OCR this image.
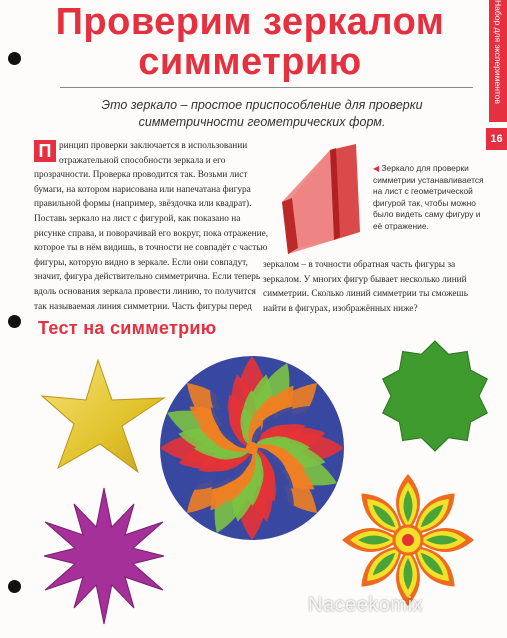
Проверим зеркалом
симметрию	Набор для экспериментов
16

Это зеркало – простое приспособление для проверки симметричности геометрических форм.

П ринцип проверки заключается в использовании отражательной способности зеркала и его прозрачности. Проверка проводится так. Возьми лист бумаги, на котором нарисована или напечатана фигура правильной формы (например, звёздочка или квадрат). Поставь зеркало на лист с фигурой, как показано на рисунке справа, и поворачивай его вокруг, пока отражение, которое ты в нём видишь, в точности не совпадёт с частью фигуры, которую видно в зеркале. Если они совпадут, значит, фигура действительно симметрична. Если теперь вдоль основания зеркала провести линию, то получится так называемая линия симметрии. Часть фигуры перед

зеркалом – в точности обратная часть фигуры за зеркалом. У многих фигур бывает несколько линий симметрии. Сколько линий симметрии ты сможешь найти в фигурах, изображённых ниже?

◀ Зеркало для проверки симметрии устанавливается на лист с геометрической фигурой так, чтобы можно было видеть саму фигуру и её отражение.

Тест на симметрию
Naceekomix
